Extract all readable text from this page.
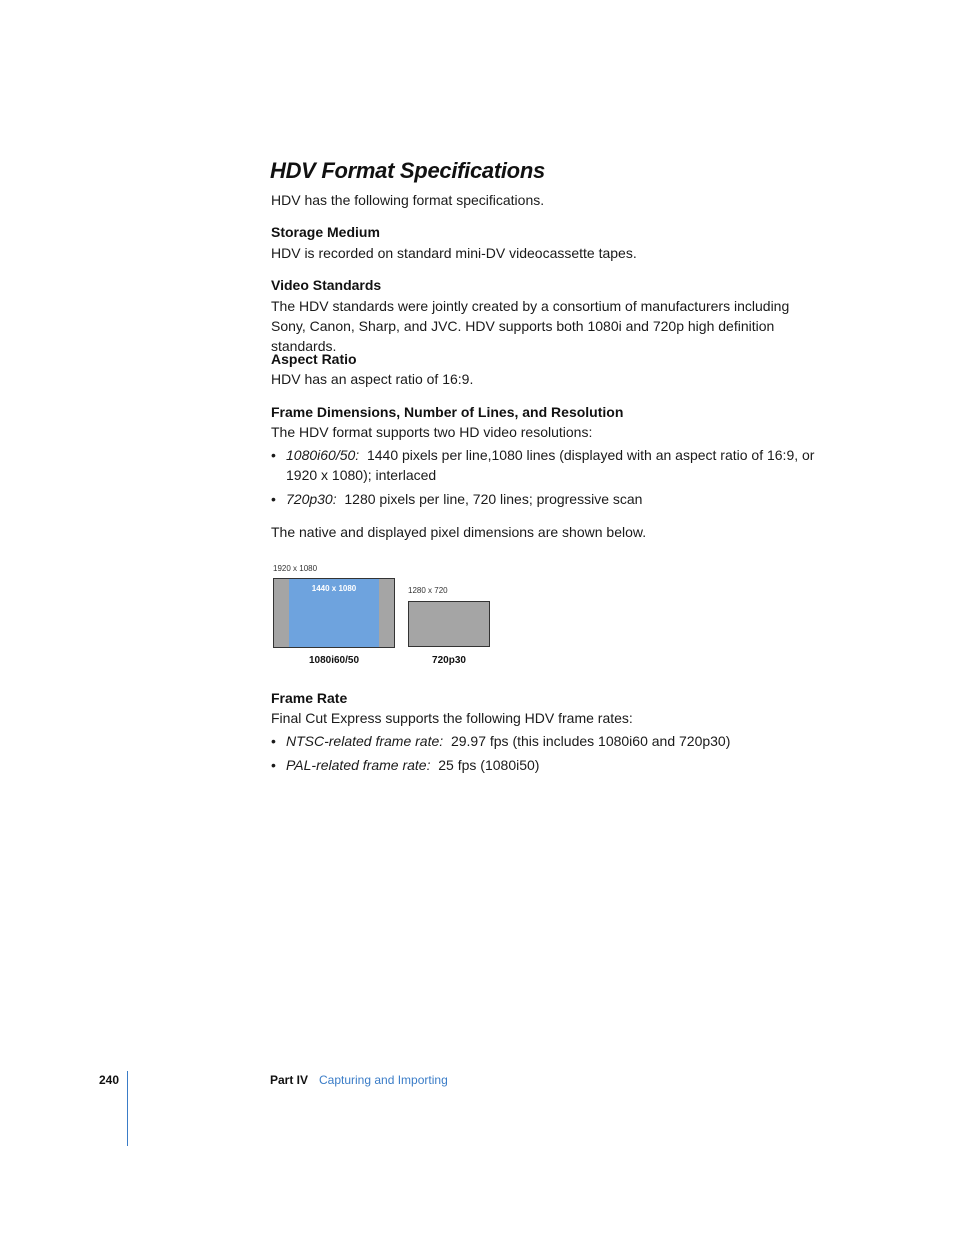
HDV Format Specifications
HDV has the following format specifications.
Storage Medium
HDV is recorded on standard mini-DV videocassette tapes.
Video Standards
The HDV standards were jointly created by a consortium of manufacturers including Sony, Canon, Sharp, and JVC. HDV supports both 1080i and 720p high definition standards.
Aspect Ratio
HDV has an aspect ratio of 16:9.
Frame Dimensions, Number of Lines, and Resolution
The HDV format supports two HD video resolutions:
• 1080i60/50: 1440 pixels per line,1080 lines (displayed with an aspect ratio of 16:9, or 1920 x 1080); interlaced
• 720p30: 1280 pixels per line, 720 lines; progressive scan
The native and displayed pixel dimensions are shown below.
1920 x 1080
1440 x 1080	1280 x 720
1080i60/50	720p30
Frame Rate
Final Cut Express supports the following HDV frame rates:
• NTSC-related frame rate: 29.97 fps (this includes 1080i60 and 720p30)
• PAL-related frame rate: 25 fps (1080i50)
240	Part IV Capturing and Importing
